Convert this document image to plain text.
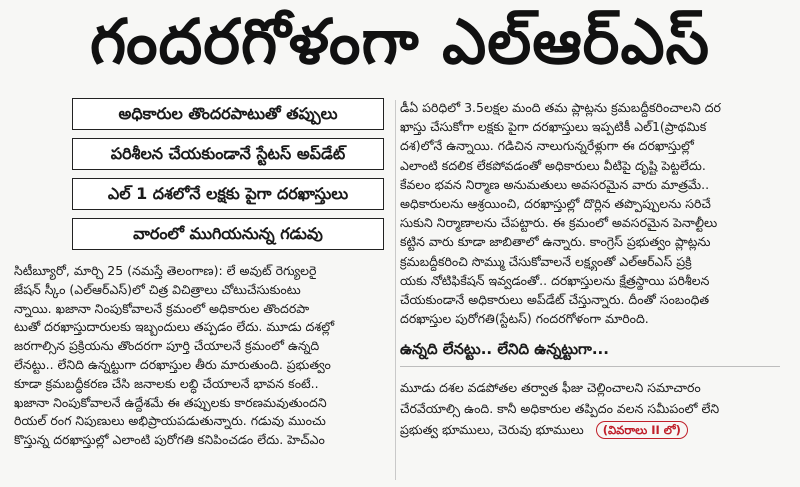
గందరగోళంగా ఎల్‌ఆర్‌ఎస్‌
అధికారుల తొందరపాటుతో తప్పులు
పరిశీలన చేయకుండానే స్టేటస్‌ అప్‌డేట్‌
ఎల్‌ 1 దశలోనే లక్షకు పైగా దరఖాస్తులు
వారంలో ముగియనున్న గడువు
సిటీబ్యూరో, మార్చి 25 (నమస్తే తెలంగాణ): లే అవుట్‌ రెగ్యులరై
జేషన్‌ స్కీం (ఎల్‌ఆర్‌ఎస్‌)లో చిత్ర విచిత్రాలు చోటుచేసుకుంటు
న్నాయి. ఖజానా నింపుకోవాలనే క్రమంలో అధికారుల తొందరపా
టుతో దరఖాస్తుదారులకు ఇబ్బందులు తప్పడం లేదు. మూడు దశల్లో
జరగాల్సిన ప్రక్రియను తొందరగా పూర్తి చేయాలనే క్రమంలో ఉన్నది
లేనట్టు.. లేనిది ఉన్నట్టుగా దరఖాస్తుల తీరు మారుతుంది. ప్రభుత్వం
కూడా క్రమబద్ధీకరణ చేసి జనాలకు లబ్ధి చేయాలనే భావన కంటే..
ఖజానా నింపుకోవాలనే ఉద్దేశమే ఈ తప్పులకు కారణమవుతుందని
రియల్‌ రంగ నిపుణులు అభిప్రాయపడుతున్నారు. గడువు ముంచు
కొస్తున్న దరఖాస్తుల్లో ఎలాంటి పురోగతి కనిపించడం లేదు. హెచ్‌ఎం
డీఏ పరిధిలో 3.5లక్షల మంది తమ ప్లాట్లను క్రమబద్ధీకరించాలని దర
ఖాస్తు చేసుకోగా లక్షకు పైగా దరఖాస్తులు ఇప్పటికీ ఎల్‌1(ప్రాథమిక
దశ)లోనే ఉన్నాయి. గడిచిన నాలుగున్నరేళ్లుగా ఈ దరఖాస్తుల్లో
ఎలాంటి కదలిక లేకపోవడంతో అధికారులు వీటిపై దృష్టి పెట్టలేదు.
కేవలం భవన నిర్మాణ అనుమతులు అవసరమైన వారు మాత్రమే..
అధికారులను ఆశ్రయించి, దరఖాస్తుల్లో దొర్లిన తప్పొప్పులను సరిచే
సుకుని నిర్మాణాలను చేపట్టారు. ఈ క్రమంలో అవసరమైన పెనాల్టీలు
కట్టిన వారు కూడా జాబితాలో ఉన్నారు. కాంగ్రెస్‌ ప్రభుత్వం ప్లాట్లను
క్రమబద్ధీకరించి సొమ్ము చేసుకోవాలనే లక్ష్యంతో ఎల్‌ఆర్‌ఎస్‌ ప్రక్రి
యకు నోటిఫికేషన్‌ ఇవ్వడంతో.. దరఖాస్తులను క్షేత్రస్థాయి పరిశీలన
చేయకుండానే అధికారులు అప్‌డేట్‌ చేస్తున్నారు. దీంతో సంబంధిత
దరఖాస్తుల పురోగతి(స్టేటస్‌) గందరగోళంగా మారింది.
ఉన్నది లేనట్టు.. లేనిది ఉన్నట్టుగా...
మూడు దశల వడపోతల తర్వాత ఫీజు చెల్లించాలని సమాచారం
చేరవేయాల్సి ఉంది. కానీ అధికారుల తప్పిదం వలన సమీపంలో లేని
ప్రభుత్వ భూములు, చెరువు భూములు (వివరాలు II లో)
